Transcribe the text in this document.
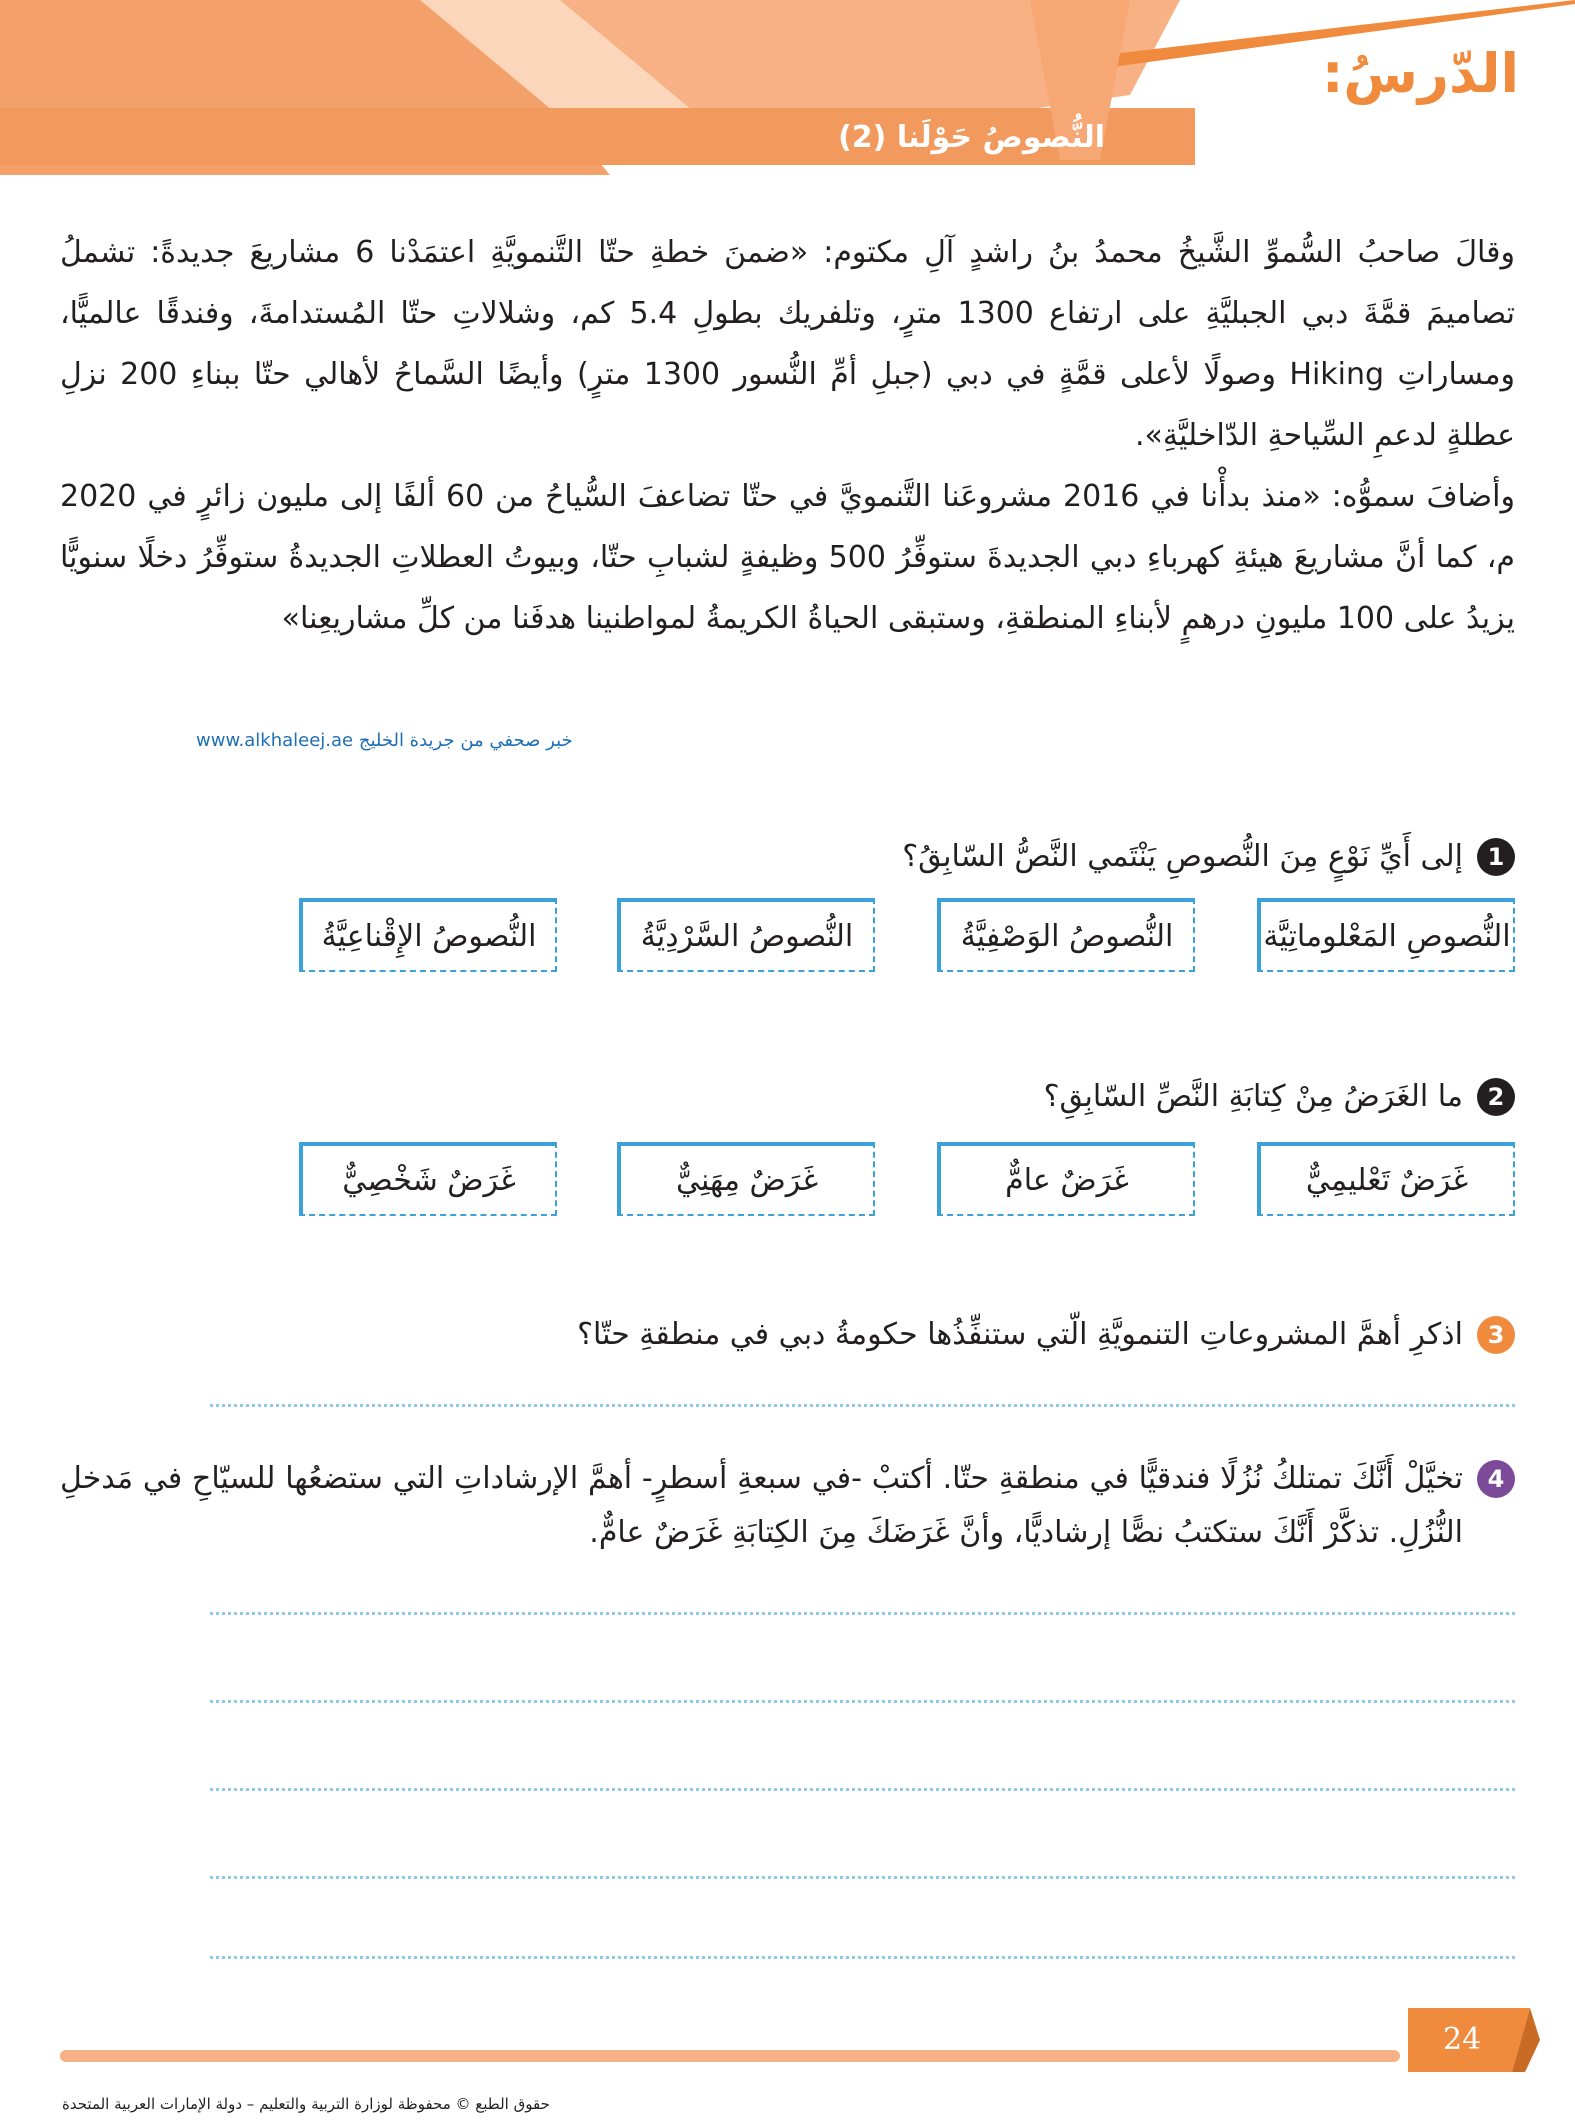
الدّرسُ:
النُّصوصُ حَوْلَنا (2)

وقالَ صاحبُ السُّموِّ الشَّيخُ محمدُ بنُ راشدٍ آلِ مكتوم: «ضمنَ خطةِ حتّا التَّنمويَّةِ اعتمَدْنا 6 مشاريعَ جديدةً: تشملُ تصاميمَ قمَّةَ دبي الجبليَّةِ على ارتفاع 1300 مترٍ، وتلفريك بطولِ 5.4 كم، وشلالاتِ حتّا المُستدامةَ، وفندقًا عالميًّا، ومساراتِ Hiking وصولًا لأعلى قمَّةٍ في دبي (جبلِ أمِّ النُّسور 1300 مترٍ) وأيضًا السَّماحُ لأهالي حتّا ببناءِ 200 نزلِ عطلةٍ لدعمِ السِّياحةِ الدّاخليَّةِ».

وأضافَ سموُّه: «منذ بدأْنا في 2016 مشروعَنا التَّنمويَّ في حتّا تضاعفَ السُّياحُ من 60 ألفًا إلى مليون زائرٍ في 2020 م، كما أنَّ مشاريعَ هيئةِ كهرباءِ دبي الجديدةَ ستوفِّرُ 500 وظيفةٍ لشبابِ حتّا، وبيوتُ العطلاتِ الجديدةُ ستوفِّرُ دخلًا سنويًّا يزيدُ على 100 مليونِ درهمٍ لأبناءِ المنطقةِ، وستبقى الحياةُ الكريمةُ لمواطنينا هدفَنا من كلِّ مشاريعِنا»

خبر صحفي من جريدة الخليج www.alkhaleej.ae
1
إلى أَيِّ نَوْعٍ مِنَ النُّصوصِ يَنْتَمي النَّصُّ السّابِقُ؟
النُّصوصِ المَعْلوماتِيَّة
النُّصوصُ الوَصْفِيَّةُ
النُّصوصُ السَّرْدِيَّةُ
النُّصوصُ الإِقْناعِيَّةُ
2
ما الغَرَضُ مِنْ كِتابَةِ النَّصِّ السّابِقِ؟
غَرَضٌ تَعْليمِيٌّ
غَرَضٌ عامٌّ
غَرَضٌ مِهَنِيٌّ
غَرَضٌ شَخْصِيٌّ
3
اذكرِ أهمَّ المشروعاتِ التنمويَّةِ الّتي ستنفِّذُها حكومةُ دبي في منطقةِ حتّا؟
4
تخيَّلْ أَنَّكَ تمتلكُ نُزُلًا فندقيًّا في منطقةِ حتّا. أكتبْ -في سبعةِ أسطرٍ- أهمَّ الإرشاداتِ التي ستضعُها للسيّاحِ في مَدخلِ النُّزُلِ. تذكَّرْ أَنَّكَ ستكتبُ نصًّا إرشاديًّا، وأنَّ غَرَضَكَ مِنَ الكِتابَةِ غَرَضٌ عامٌّ.
24
حقوق الطبع © محفوظة لوزارة التربية والتعليم – دولة الإمارات العربية المتحدة
